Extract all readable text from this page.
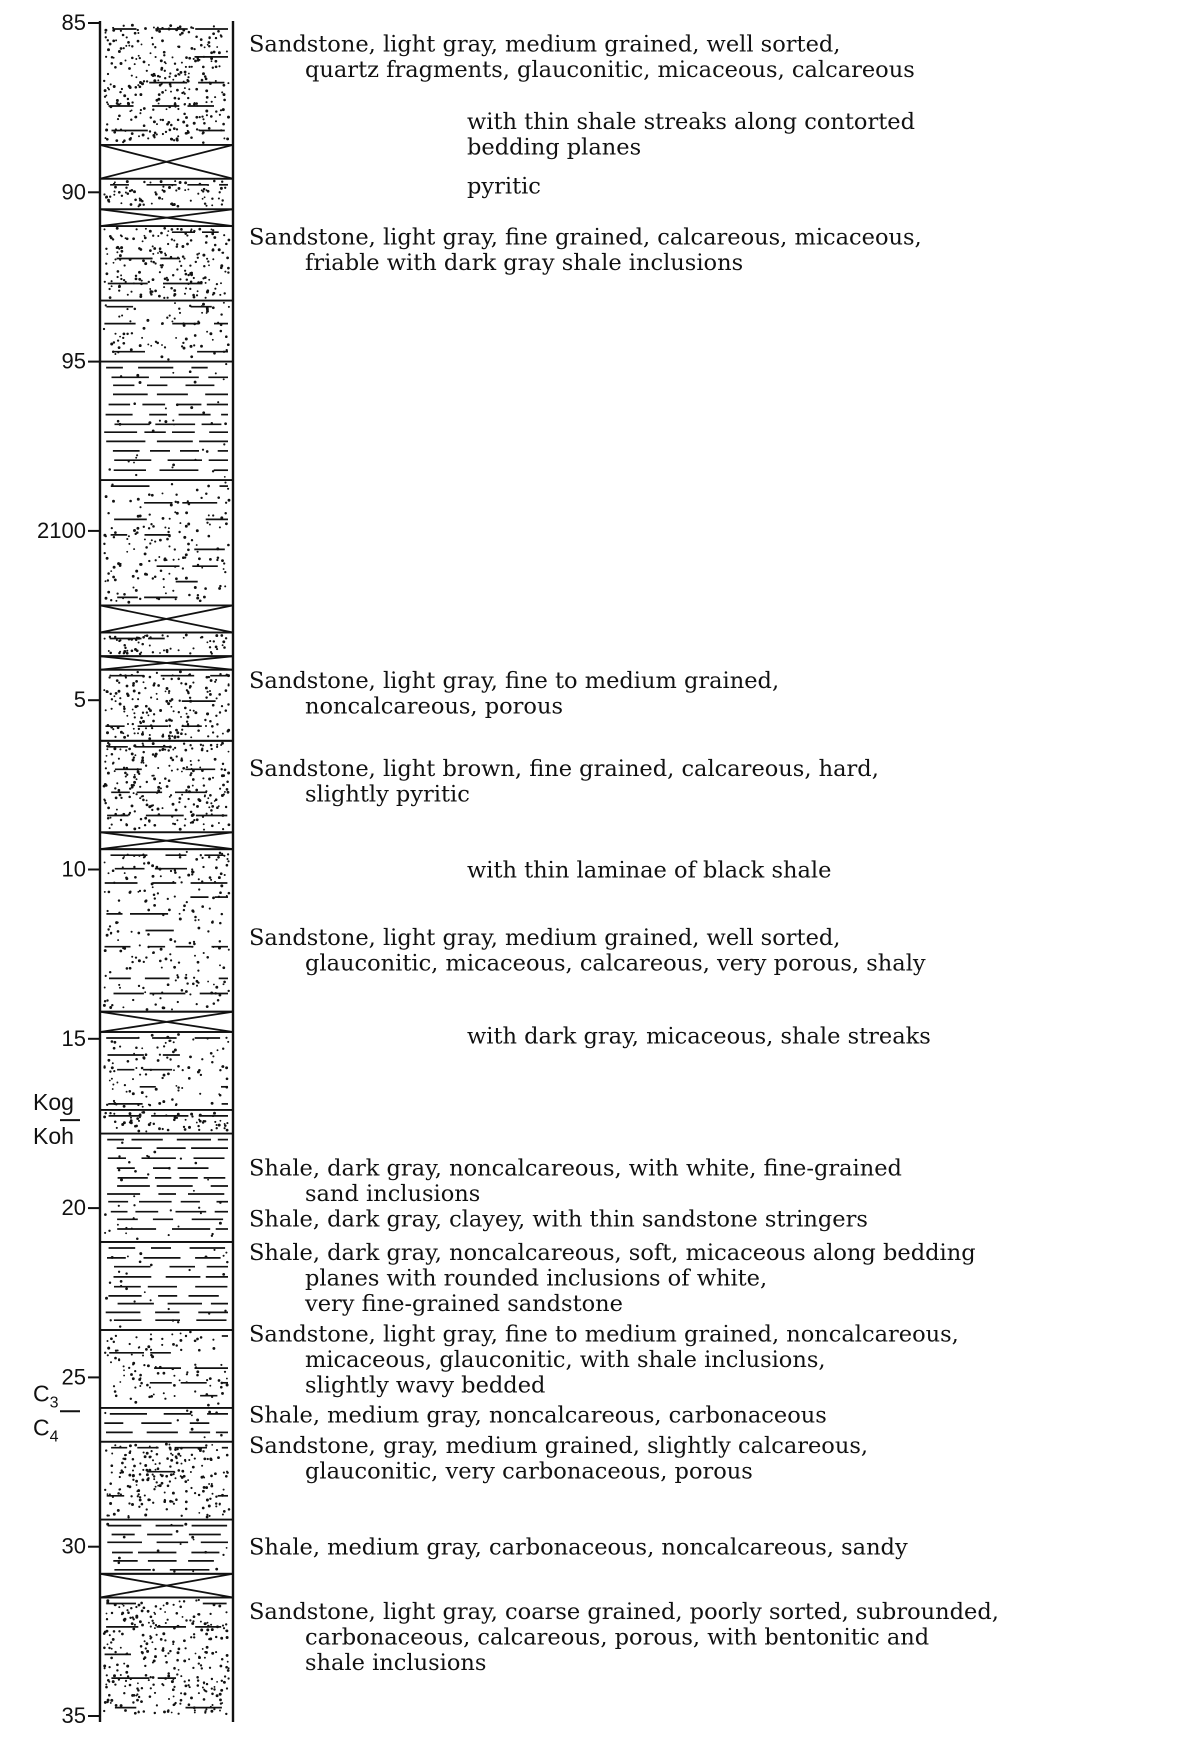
85
90
95
2100
5
10
15
20
25
30
35
Kog
Koh
$C_3$
$C_4$
Sandstone, light gray, medium grained, well sorted,
quartz fragments, glauconitic, micaceous, calcareous
with thin shale streaks along contorted
bedding planes
pyritic
Sandstone, light gray, fine grained, calcareous, micaceous,
friable with dark gray shale inclusions
Sandstone, light gray, fine to medium grained,
noncalcareous, porous
Sandstone, light brown, fine grained, calcareous, hard,
slightly pyritic
with thin laminae of black shale
Sandstone, light gray, medium grained, well sorted,
glauconitic, micaceous, calcareous, very porous, shaly
with dark gray, micaceous, shale streaks
Shale, dark gray, noncalcareous, with white, fine-grained
sand inclusions
Shale, dark gray, clayey, with thin sandstone stringers
Shale, dark gray, noncalcareous, soft, micaceous along bedding
planes with rounded inclusions of white,
very fine-grained sandstone
Sandstone, light gray, fine to medium grained, noncalcareous,
micaceous, glauconitic, with shale inclusions,
slightly wavy bedded
Shale, medium gray, noncalcareous, carbonaceous
Sandstone, gray, medium grained, slightly calcareous,
glauconitic, very carbonaceous, porous
Shale, medium gray, carbonaceous, noncalcareous, sandy
Sandstone, light gray, coarse grained, poorly sorted, subrounded,
carbonaceous, calcareous, porous, with bentonitic and
shale inclusions
